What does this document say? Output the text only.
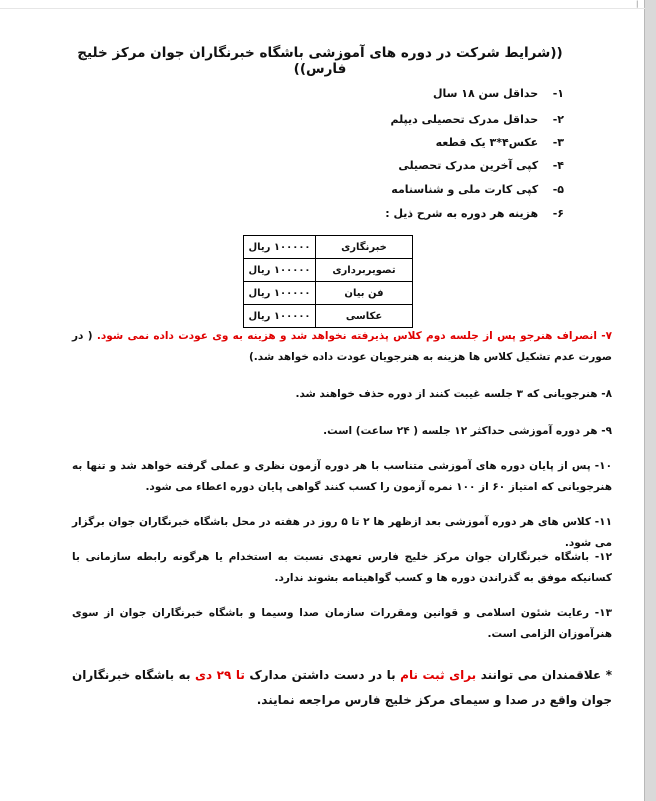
|
((شرایط شرکت در دوره های آموزشی باشگاه خبرنگاران جوان مرکز خلیج فارس))
۱- حداقل سن ۱۸ سال
۲- حداقل مدرک تحصیلی دیپلم
۳- عکس۴*۳ یک قطعه
۴- کپی آخرین مدرک تحصیلی
۵- کپی کارت ملی و شناسنامه
۶- هزینه هر دوره به شرح ذیل :
خبرنگاری	۱۰۰۰۰۰ ریال
تصویربرداری	۱۰۰۰۰۰ ریال
فن بیان	۱۰۰۰۰۰ ریال
عکاسی	۱۰۰۰۰۰ ریال

۷- انصراف هنرجو پس از جلسه دوم کلاس پذیرفته نخواهد شد و هزینه به وی عودت داده نمی شود. ( در صورت عدم تشکیل کلاس ها هزینه به هنرجویان عودت داده خواهد شد.)

۸- هنرجویانی که ۳ جلسه غیبت کنند از دوره حذف خواهند شد.

۹- هر دوره آموزشی حداکثر ۱۲ جلسه ( ۲۴ ساعت) است.

۱۰- پس از پایان دوره های آموزشی متناسب با هر دوره آزمون نظری و عملی گرفته خواهد شد و تنها به هنرجویانی که امتیاز ۶۰ از ۱۰۰ نمره آزمون را کسب کنند گواهی پایان دوره اعطاء می شود.

۱۱- کلاس های هر دوره آموزشی بعد ازظهر ها ۲ تا ۵ روز در هفته در محل باشگاه خبرنگاران جوان برگزار می شود.

۱۲- باشگاه خبرنگاران جوان مرکز خلیج فارس تعهدی نسبت به استخدام یا هرگونه رابطه سازمانی با کسانیکه موفق به گذراندن دوره ها و کسب گواهینامه بشوند ندارد.

۱۳- رعایت شئون اسلامی و قوانین ومقررات سازمان صدا وسیما و باشگاه خبرنگاران جوان از سوی هنرآموزان الزامی است.

* علاقمندان می توانند برای ثبت نام با در دست داشتن مدارک تا ۲۹ دی به باشگاه خبرنگاران جوان واقع در صدا و سیمای مرکز خلیج فارس مراجعه نمایند.
